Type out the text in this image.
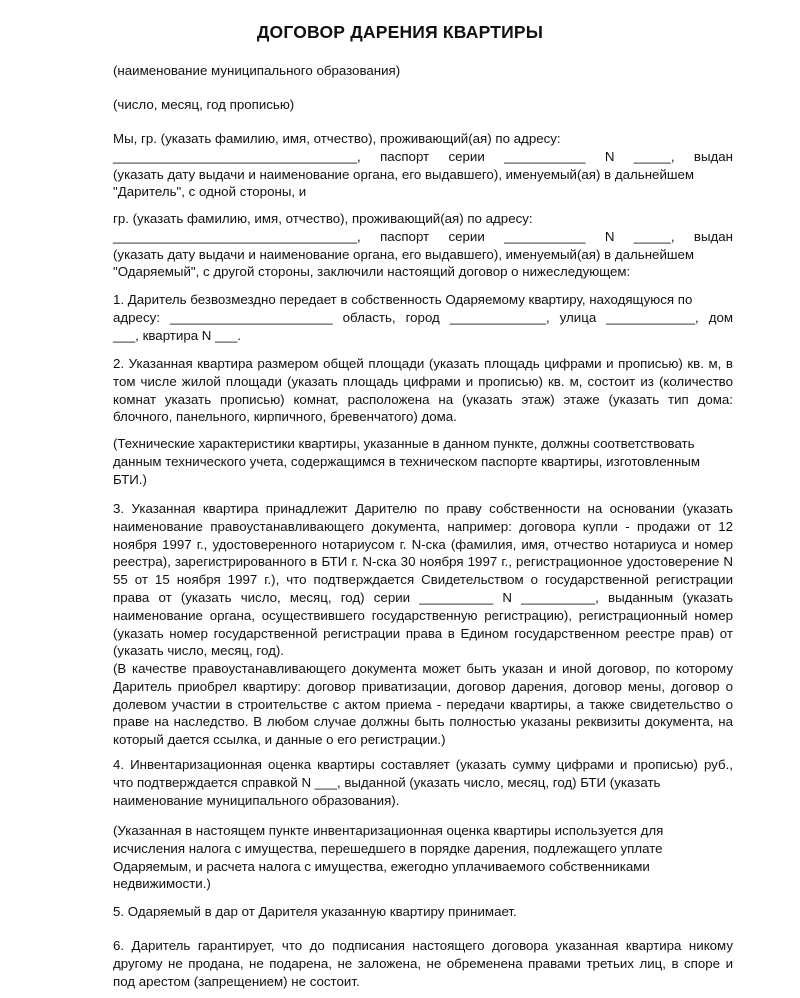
ДОГОВОР ДАРЕНИЯ КВАРТИРЫ
(наименование муниципального образования)
(число, месяц, год прописью)
Мы, гр. (указать фамилию, имя, отчество), проживающий(ая) по адресу:
_________________________________, паспорт серии ___________ N _____, выдан
(указать дату выдачи и наименование органа, его выдавшего), именуемый(ая) в дальнейшем
"Даритель", с одной стороны, и
гр. (указать фамилию, имя, отчество), проживающий(ая) по адресу:
_________________________________, паспорт серии ___________ N _____, выдан
(указать дату выдачи и наименование органа, его выдавшего), именуемый(ая) в дальнейшем
"Одаряемый", с другой стороны, заключили настоящий договор о нижеследующем:
1. Даритель безвозмездно передает в собственность Одаряемому квартиру, находящуюся по
адресу: ______________________ область, город _____________, улица ____________, дом
___, квартира N ___.
2. Указанная квартира размером общей площади (указать площадь цифрами и прописью) кв. м, в
том числе жилой площади (указать площадь цифрами и прописью) кв. м, состоит из (количество
комнат указать прописью) комнат, расположена на (указать этаж) этаже (указать тип дома:
блочного, панельного, кирпичного, бревенчатого) дома.
(Технические характеристики квартиры, указанные в данном пункте, должны соответствовать
данным технического учета, содержащимся в техническом паспорте квартиры, изготовленным
БТИ.)
3. Указанная квартира принадлежит Дарителю по праву собственности на основании (указать
наименование правоустанавливающего документа, например: договора купли - продажи от 12
ноября 1997 г., удостоверенного нотариусом г. N-ска (фамилия, имя, отчество нотариуса и номер
реестра), зарегистрированного в БТИ г. N-ска 30 ноября 1997 г., регистрационное удостоверение N
55 от 15 ноября 1997 г.), что подтверждается Свидетельством о государственной регистрации
права от (указать число, месяц, год) серии __________ N __________, выданным (указать
наименование органа, осуществившего государственную регистрацию), регистрационный номер
(указать номер государственной регистрации права в Едином государственном реестре прав) от
(указать число, месяц, год).
(В качестве правоустанавливающего документа может быть указан и иной договор, по которому
Даритель приобрел квартиру: договор приватизации, договор дарения, договор мены, договор о
долевом участии в строительстве с актом приема - передачи квартиры, а также свидетельство о
праве на наследство. В любом случае должны быть полностью указаны реквизиты документа, на
который дается ссылка, и данные о его регистрации.)
4. Инвентаризационная оценка квартиры составляет (указать сумму цифрами и прописью) руб.,
что подтверждается справкой N ___, выданной (указать число, месяц, год) БТИ (указать
наименование муниципального образования).
(Указанная в настоящем пункте инвентаризационная оценка квартиры используется для
исчисления налога с имущества, перешедшего в порядке дарения, подлежащего уплате
Одаряемым, и расчета налога с имущества, ежегодно уплачиваемого собственниками
недвижимости.)
5. Одаряемый в дар от Дарителя указанную квартиру принимает.
6. Даритель гарантирует, что до подписания настоящего договора указанная квартира никому
другому не продана, не подарена, не заложена, не обременена правами третьих лиц, в споре и
под арестом (запрещением) не состоит.
